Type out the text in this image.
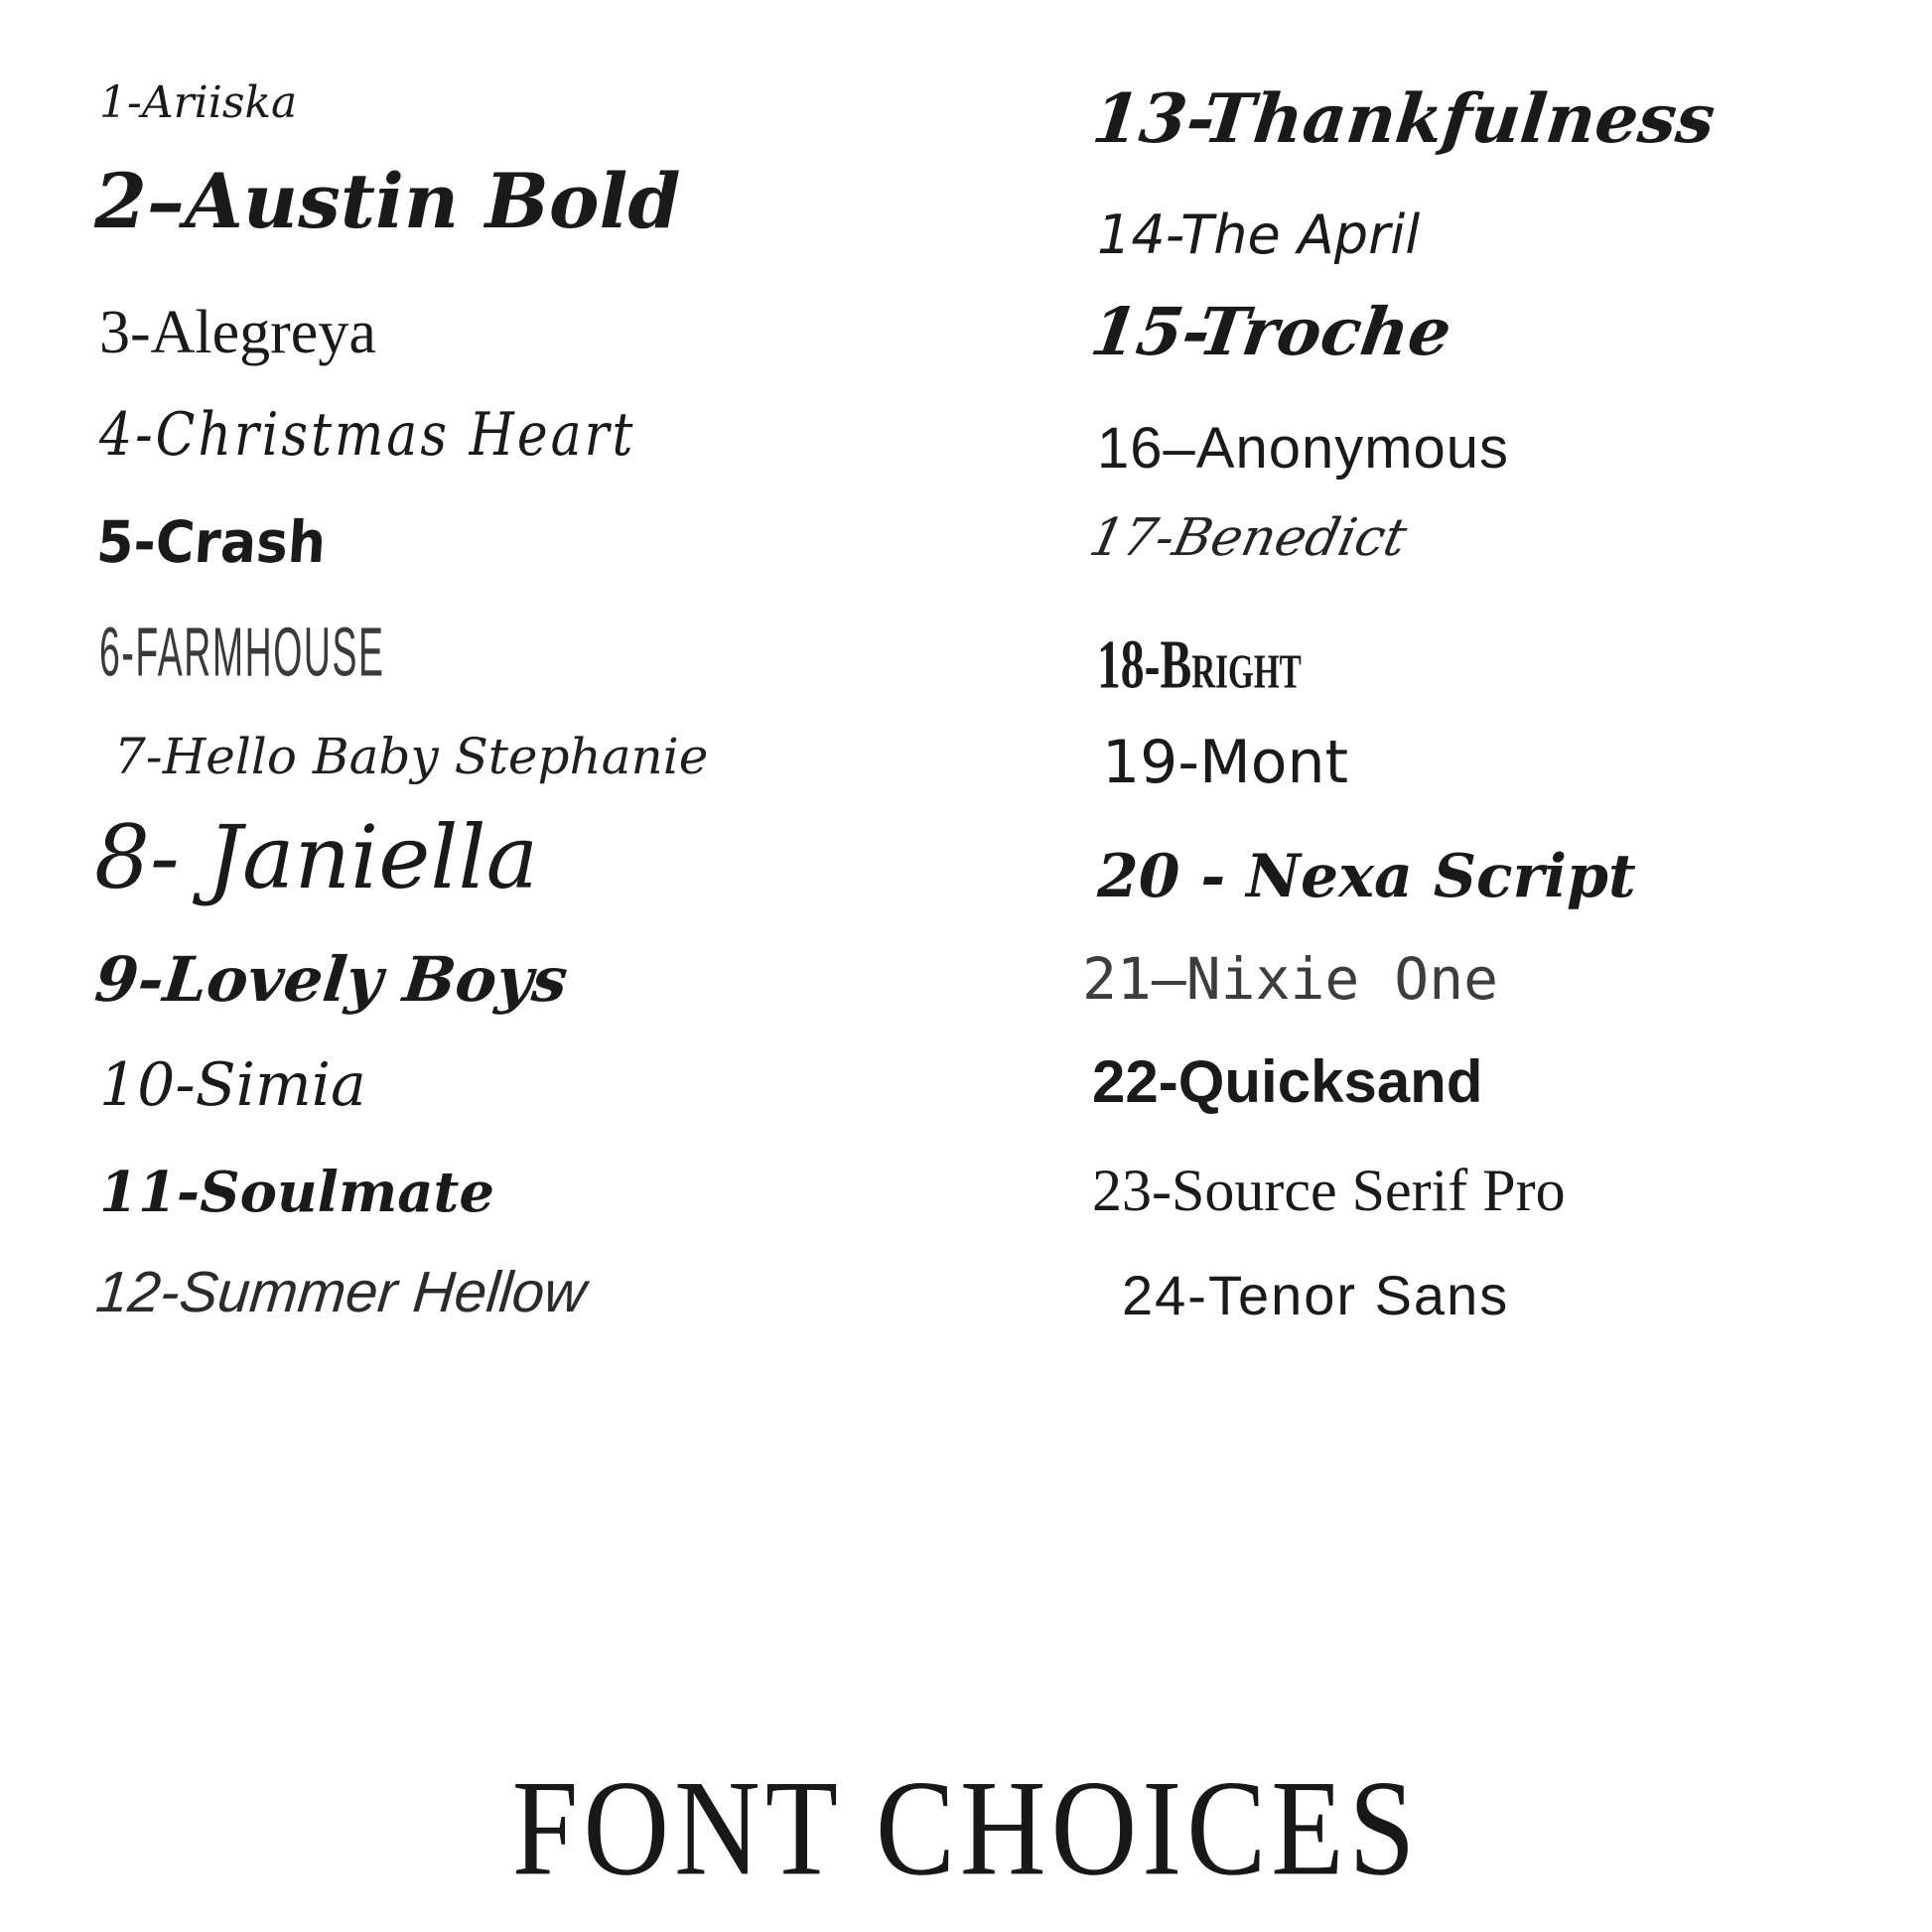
1-Ariiska
2–Austin Bold
3-Alegreya
4-Christmas Heart
5-Crash
6-FARMHOUSE
7-Hello Baby Stephanie
8- Janiella
9-Lovely Boys
10-Simia
11-Soulmate
12-Summer Hellow
13-Thankfulness
14-The April
15-Troche
16–Anonymous
17-Benedict
18-Bright
19-Mont
20 - Nexa Script
21–Nixie One
22-Quicksand
23-Source Serif Pro
24-Tenor Sans
FONT CHOICES
